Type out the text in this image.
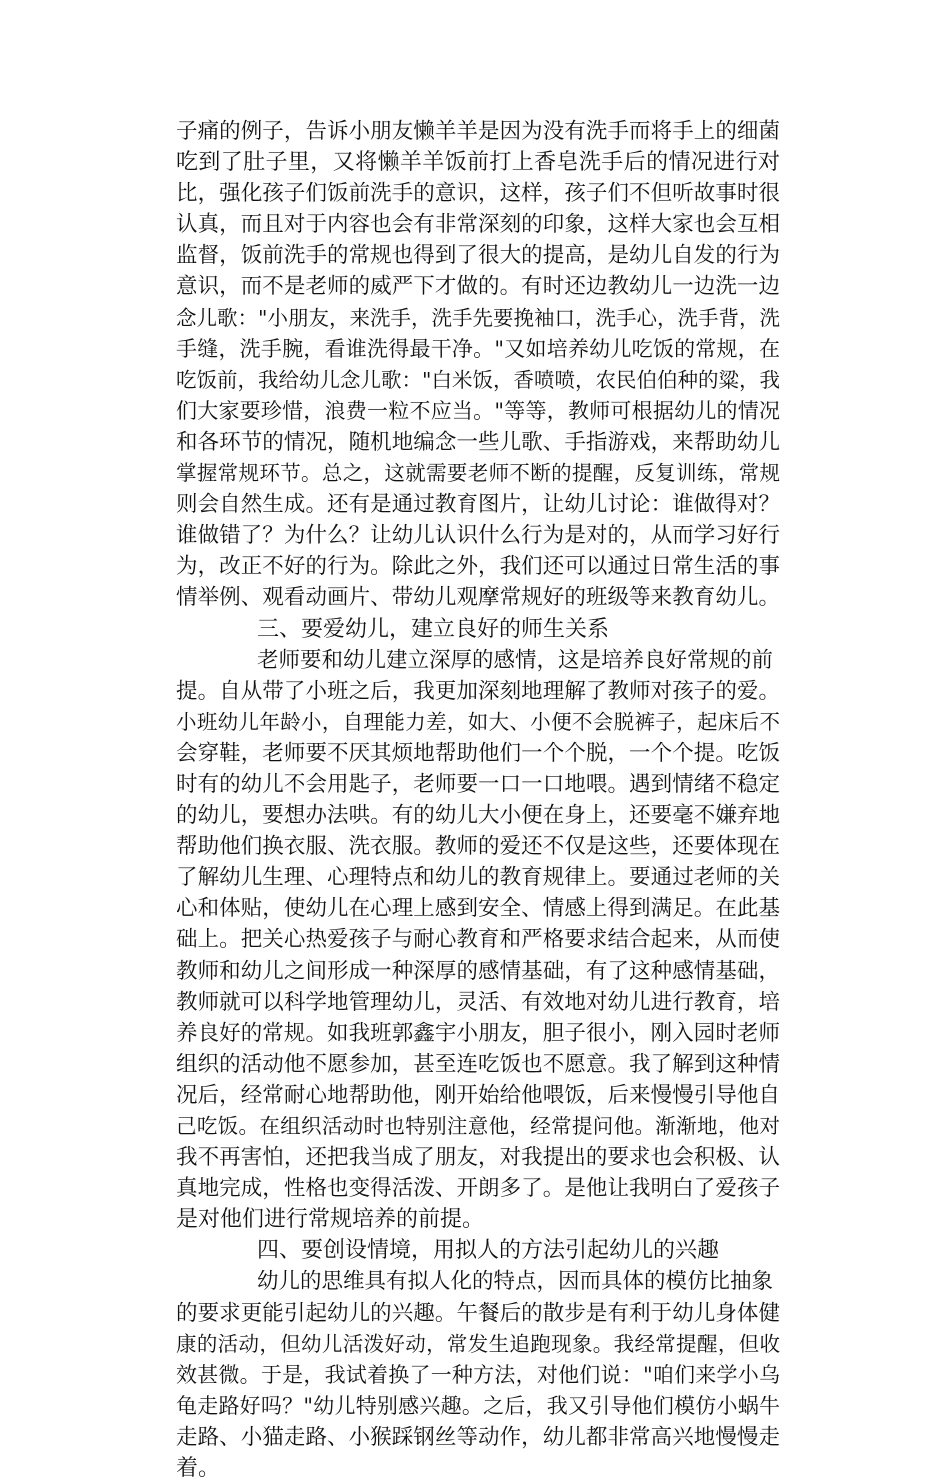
子痛的例子，告诉小朋友懒羊羊是因为没有洗手而将手上的细菌
吃到了肚子里，又将懒羊羊饭前打上香皂洗手后的情况进行对
比，强化孩子们饭前洗手的意识，这样，孩子们不但听故事时很
认真，而且对于内容也会有非常深刻的印象，这样大家也会互相
监督，饭前洗手的常规也得到了很大的提高，是幼儿自发的行为
意识，而不是老师的威严下才做的。有时还边教幼儿一边洗一边
念儿歌："小朋友，来洗手，洗手先要挽袖口，洗手心，洗手背，洗
手缝，洗手腕，看谁洗得最干净。"又如培养幼儿吃饭的常规，在
吃饭前，我给幼儿念儿歌："白米饭，香喷喷，农民伯伯种的粱，我
们大家要珍惜，浪费一粒不应当。"等等，教师可根据幼儿的情况
和各环节的情况，随机地编念一些儿歌、手指游戏，来帮助幼儿
掌握常规环节。总之，这就需要老师不断的提醒，反复训练，常规
则会自然生成。还有是通过教育图片，让幼儿讨论：谁做得对？
谁做错了？为什么？让幼儿认识什么行为是对的，从而学习好行
为，改正不好的行为。除此之外，我们还可以通过日常生活的事
情举例、观看动画片、带幼儿观摩常规好的班级等来教育幼儿。
三、要爱幼儿，建立良好的师生关系
老师要和幼儿建立深厚的感情，这是培养良好常规的前
提。自从带了小班之后，我更加深刻地理解了教师对孩子的爱。
小班幼儿年龄小，自理能力差，如大、小便不会脱裤子，起床后不
会穿鞋，老师要不厌其烦地帮助他们一个个脱，一个个提。吃饭
时有的幼儿不会用匙子，老师要一口一口地喂。遇到情绪不稳定
的幼儿，要想办法哄。有的幼儿大小便在身上，还要毫不嫌弃地
帮助他们换衣服、洗衣服。教师的爱还不仅是这些，还要体现在
了解幼儿生理、心理特点和幼儿的教育规律上。要通过老师的关
心和体贴，使幼儿在心理上感到安全、情感上得到满足。在此基
础上。把关心热爱孩子与耐心教育和严格要求结合起来，从而使
教师和幼儿之间形成一种深厚的感情基础，有了这种感情基础，
教师就可以科学地管理幼儿，灵活、有效地对幼儿进行教育，培
养良好的常规。如我班郭鑫宇小朋友，胆子很小，刚入园时老师
组织的活动他不愿参加，甚至连吃饭也不愿意。我了解到这种情
况后，经常耐心地帮助他，刚开始给他喂饭，后来慢慢引导他自
己吃饭。在组织活动时也特别注意他，经常提问他。渐渐地，他对
我不再害怕，还把我当成了朋友，对我提出的要求也会积极、认
真地完成，性格也变得活泼、开朗多了。是他让我明白了爱孩子
是对他们进行常规培养的前提。
四、要创设情境，用拟人的方法引起幼儿的兴趣
幼儿的思维具有拟人化的特点，因而具体的模仿比抽象
的要求更能引起幼儿的兴趣。午餐后的散步是有利于幼儿身体健
康的活动，但幼儿活泼好动，常发生追跑现象。我经常提醒，但收
效甚微。于是，我试着换了一种方法，对他们说："咱们来学小乌
龟走路好吗？"幼儿特别感兴趣。之后，我又引导他们模仿小蜗牛
走路、小猫走路、小猴踩钢丝等动作，幼儿都非常高兴地慢慢走
着。
